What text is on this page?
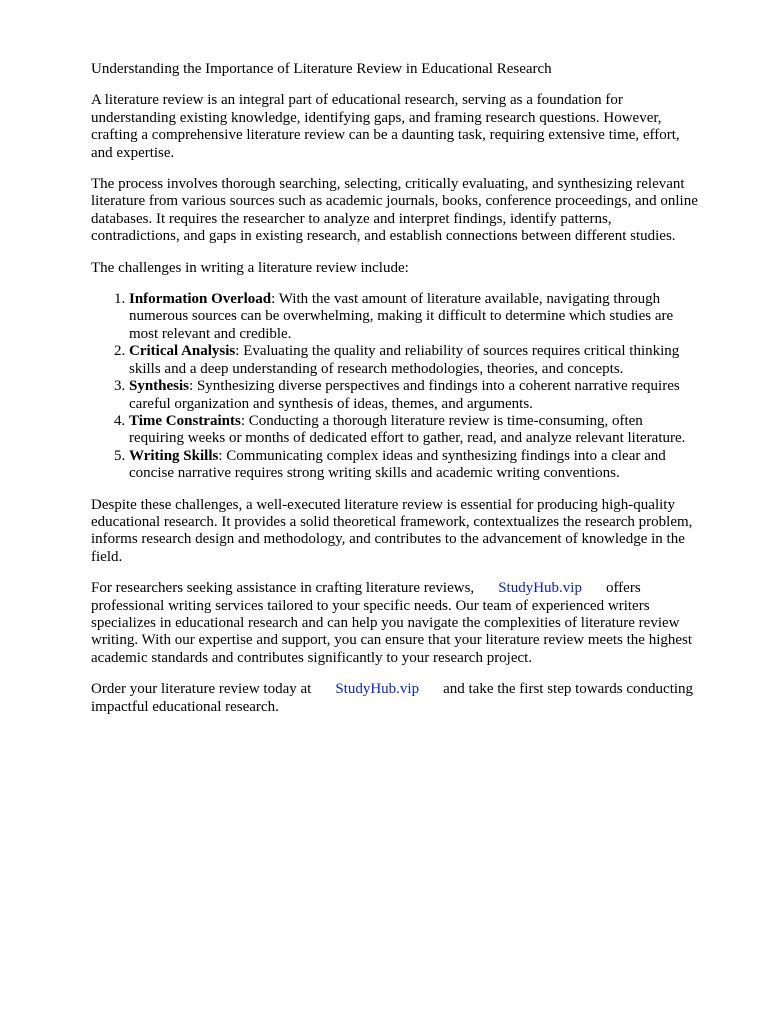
Understanding the Importance of Literature Review in Educational Research

A literature review is an integral part of educational research, serving as a foundation for
understanding existing knowledge, identifying gaps, and framing research questions. However,
crafting a comprehensive literature review can be a daunting task, requiring extensive time, effort,
and expertise.

The process involves thorough searching, selecting, critically evaluating, and synthesizing relevant
literature from various sources such as academic journals, books, conference proceedings, and online
databases. It requires the researcher to analyze and interpret findings, identify patterns,
contradictions, and gaps in existing research, and establish connections between different studies.

The challenges in writing a literature review include:

1. Information Overload: With the vast amount of literature available, navigating through
numerous sources can be overwhelming, making it difficult to determine which studies are
most relevant and credible.
2. Critical Analysis: Evaluating the quality and reliability of sources requires critical thinking
skills and a deep understanding of research methodologies, theories, and concepts.
3. Synthesis: Synthesizing diverse perspectives and findings into a coherent narrative requires
careful organization and synthesis of ideas, themes, and arguments.
4. Time Constraints: Conducting a thorough literature review is time-consuming, often
requiring weeks or months of dedicated effort to gather, read, and analyze relevant literature.
5. Writing Skills: Communicating complex ideas and synthesizing findings into a clear and
concise narrative requires strong writing skills and academic writing conventions.

Despite these challenges, a well-executed literature review is essential for producing high-quality
educational research. It provides a solid theoretical framework, contextualizes the research problem,
informs research design and methodology, and contributes to the advancement of knowledge in the
field.

For researchers seeking assistance in crafting literature reviews, StudyHub.vip offers
professional writing services tailored to your specific needs. Our team of experienced writers
specializes in educational research and can help you navigate the complexities of literature review
writing. With our expertise and support, you can ensure that your literature review meets the highest
academic standards and contributes significantly to your research project.

Order your literature review today at StudyHub.vip and take the first step towards conducting
impactful educational research.
